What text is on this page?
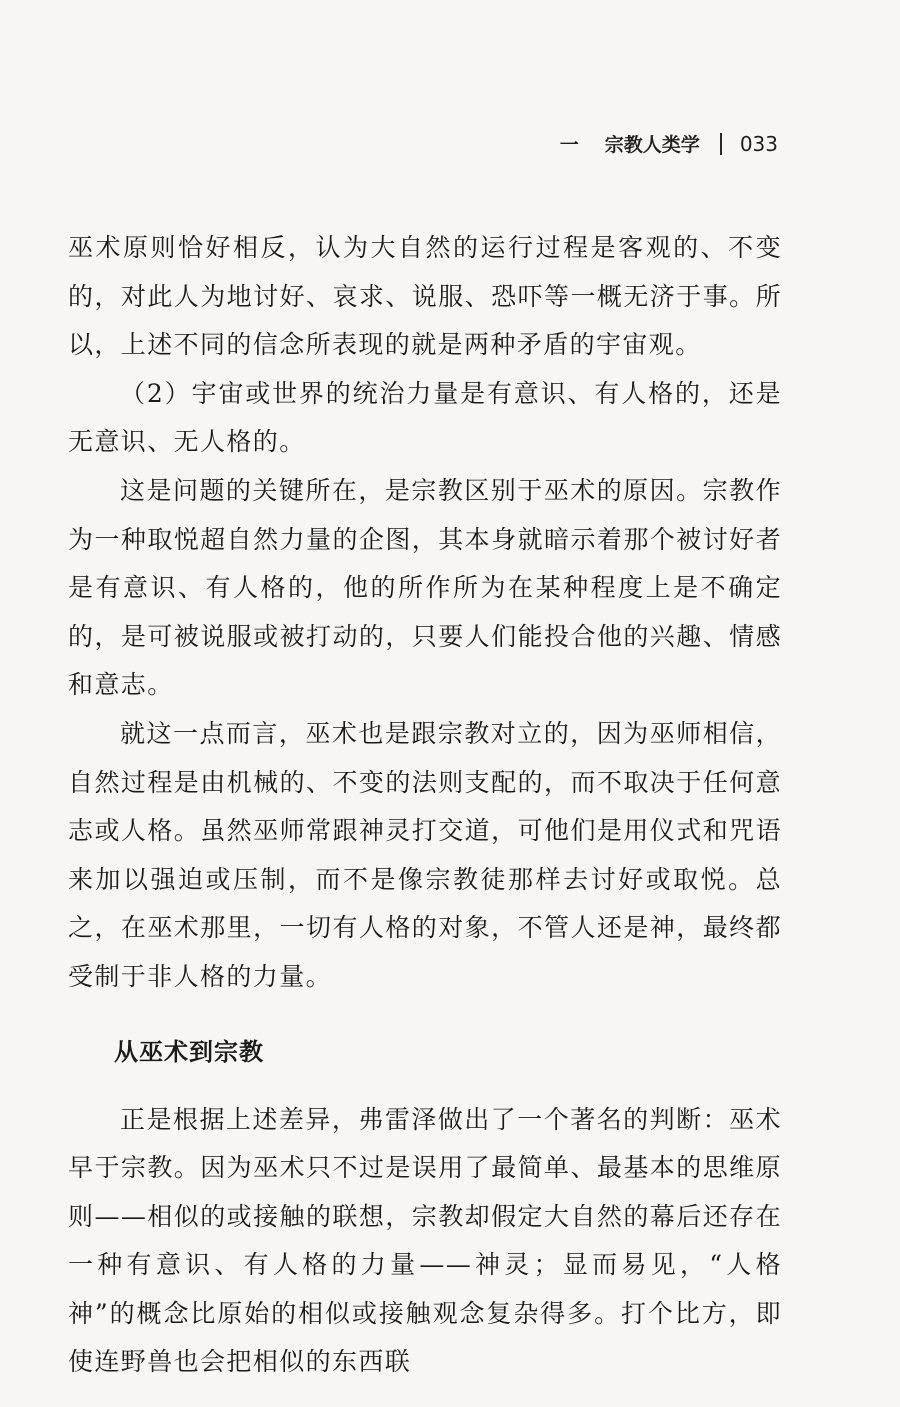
一 宗教人类学 033

巫术原则恰好相反，认为大自然的运行过程是客观的、不变的，对此人为地讨好、哀求、说服、恐吓等一概无济于事。所以，上述不同的信念所表现的就是两种矛盾的宇宙观。

（2）宇宙或世界的统治力量是有意识、有人格的，还是无意识、无人格的。

这是问题的关键所在，是宗教区别于巫术的原因。宗教作为一种取悦超自然力量的企图，其本身就暗示着那个被讨好者是有意识、有人格的，他的所作所为在某种程度上是不确定的，是可被说服或被打动的，只要人们能投合他的兴趣、情感和意志。

就这一点而言，巫术也是跟宗教对立的，因为巫师相信，自然过程是由机械的、不变的法则支配的，而不取决于任何意志或人格。虽然巫师常跟神灵打交道，可他们是用仪式和咒语来加以强迫或压制，而不是像宗教徒那样去讨好或取悦。总之，在巫术那里，一切有人格的对象，不管人还是神，最终都受制于非人格的力量。

从巫术到宗教

正是根据上述差异，弗雷泽做出了一个著名的判断：巫术早于宗教。因为巫术只不过是误用了最简单、最基本的思维原则——相似的或接触的联想，宗教却假定大自然的幕后还存在一种有意识、有人格的力量——神灵；显而易见，“人格神”的概念比原始的相似或接触观念复杂得多。打个比方，即使连野兽也会把相似的东西联
